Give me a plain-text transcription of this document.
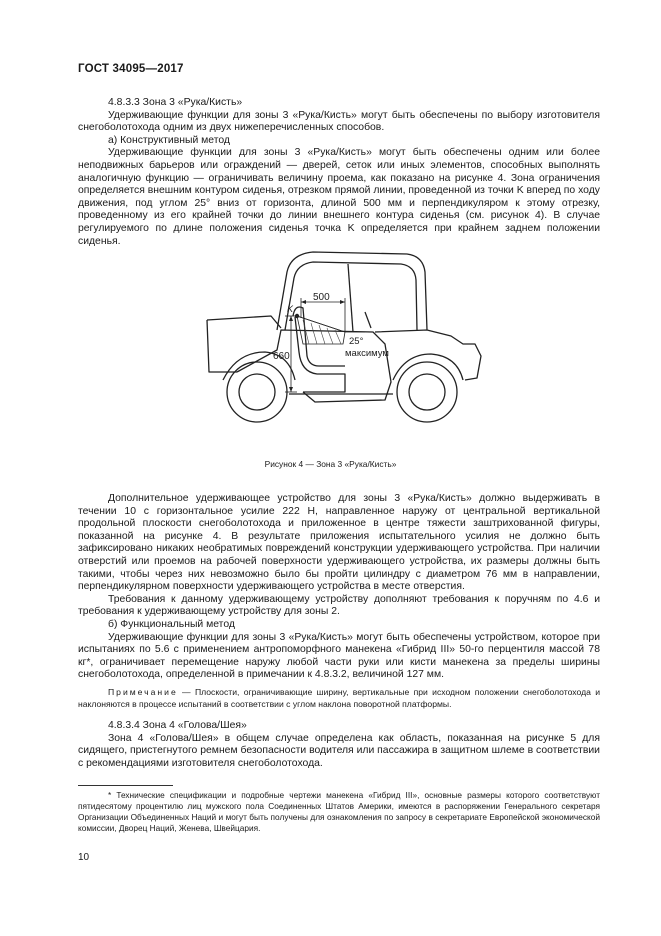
ГОСТ 34095—2017

4.8.3.3 Зона 3 «Рука/Кисть»

Удерживающие функции для зоны 3 «Рука/Кисть» могут быть обеспечены по выбору изготовителя снегоболотохода одним из двух нижеперечисленных способов.

а) Конструктивный метод

Удерживающие функции для зоны 3 «Рука/Кисть» могут быть обеспечены одним или более неподвижных барьеров или ограждений — дверей, сеток или иных элементов, способных выполнять аналогичную функцию — ограничивать величину проема, как показано на рисунке 4. Зона ограничения определяется внешним контуром сиденья, отрезком прямой линии, проведенной из точки K вперед по ходу движения, под углом 25° вниз от горизонта, длиной 500 мм и перпендикуляром к этому отрезку, проведенному из его крайней точки до линии внешнего контура сиденья (см. рисунок 4). В случае регулируемого по длине положения сиденья точка K определяется при крайнем заднем положении сиденья.

500
660
K
25°
максимум
Рисунок 4 — Зона 3 «Рука/Кисть»

Дополнительное удерживающее устройство для зоны 3 «Рука/Кисть» должно выдерживать в течении 10 с горизонтальное усилие 222 Н, направленное наружу от центральной вертикальной продольной плоскости снегоболотохода и приложенное в центре тяжести заштрихованной фигуры, показанной на рисунке 4. В результате приложения испытательного усилия не должно быть зафиксировано никаких необратимых повреждений конструкции удерживающего устройства. При наличии отверстий или проемов на рабочей поверхности удерживающего устройства, их размеры должны быть такими, чтобы через них невозможно было бы пройти цилиндру с диаметром 76 мм в направлении, перпендикулярном поверхности удерживающего устройства в месте отверстия.

Требования к данному удерживающему устройству дополняют требования к поручням по 4.6 и требования к удерживающему устройству для зоны 2.

б) Функциональный метод

Удерживающие функции для зоны 3 «Рука/Кисть» могут быть обеспечены устройством, которое при испытаниях по 5.6 с применением антропоморфного манекена «Гибрид III» 50-го перцентиля массой 78 кг*, ограничивает перемещение наружу любой части руки или кисти манекена за пределы ширины снегоболотохода, определенной в примечании к 4.8.3.2, величиной 127 мм.

Примечание — Плоскости, ограничивающие ширину, вертикальные при исходном положении снегоболотохода и наклоняются в процессе испытаний в соответствии с углом наклона поворотной платформы.

4.8.3.4 Зона 4 «Голова/Шея»

Зона 4 «Голова/Шея» в общем случае определена как область, показанная на рисунке 5 для сидящего, пристегнутого ремнем безопасности водителя или пассажира в защитном шлеме в соответствии с рекомендациями изготовителя снегоболотохода.

* Технические спецификации и подробные чертежи манекена «Гибрид III», основные размеры которого соответствуют пятидесятому процентилю лиц мужского пола Соединенных Штатов Америки, имеются в распоряжении Генерального секретаря Организации Объединенных Наций и могут быть получены для ознакомления по запросу в секретариате Европейской экономической комиссии, Дворец Наций, Женева, Швейцария.
10
